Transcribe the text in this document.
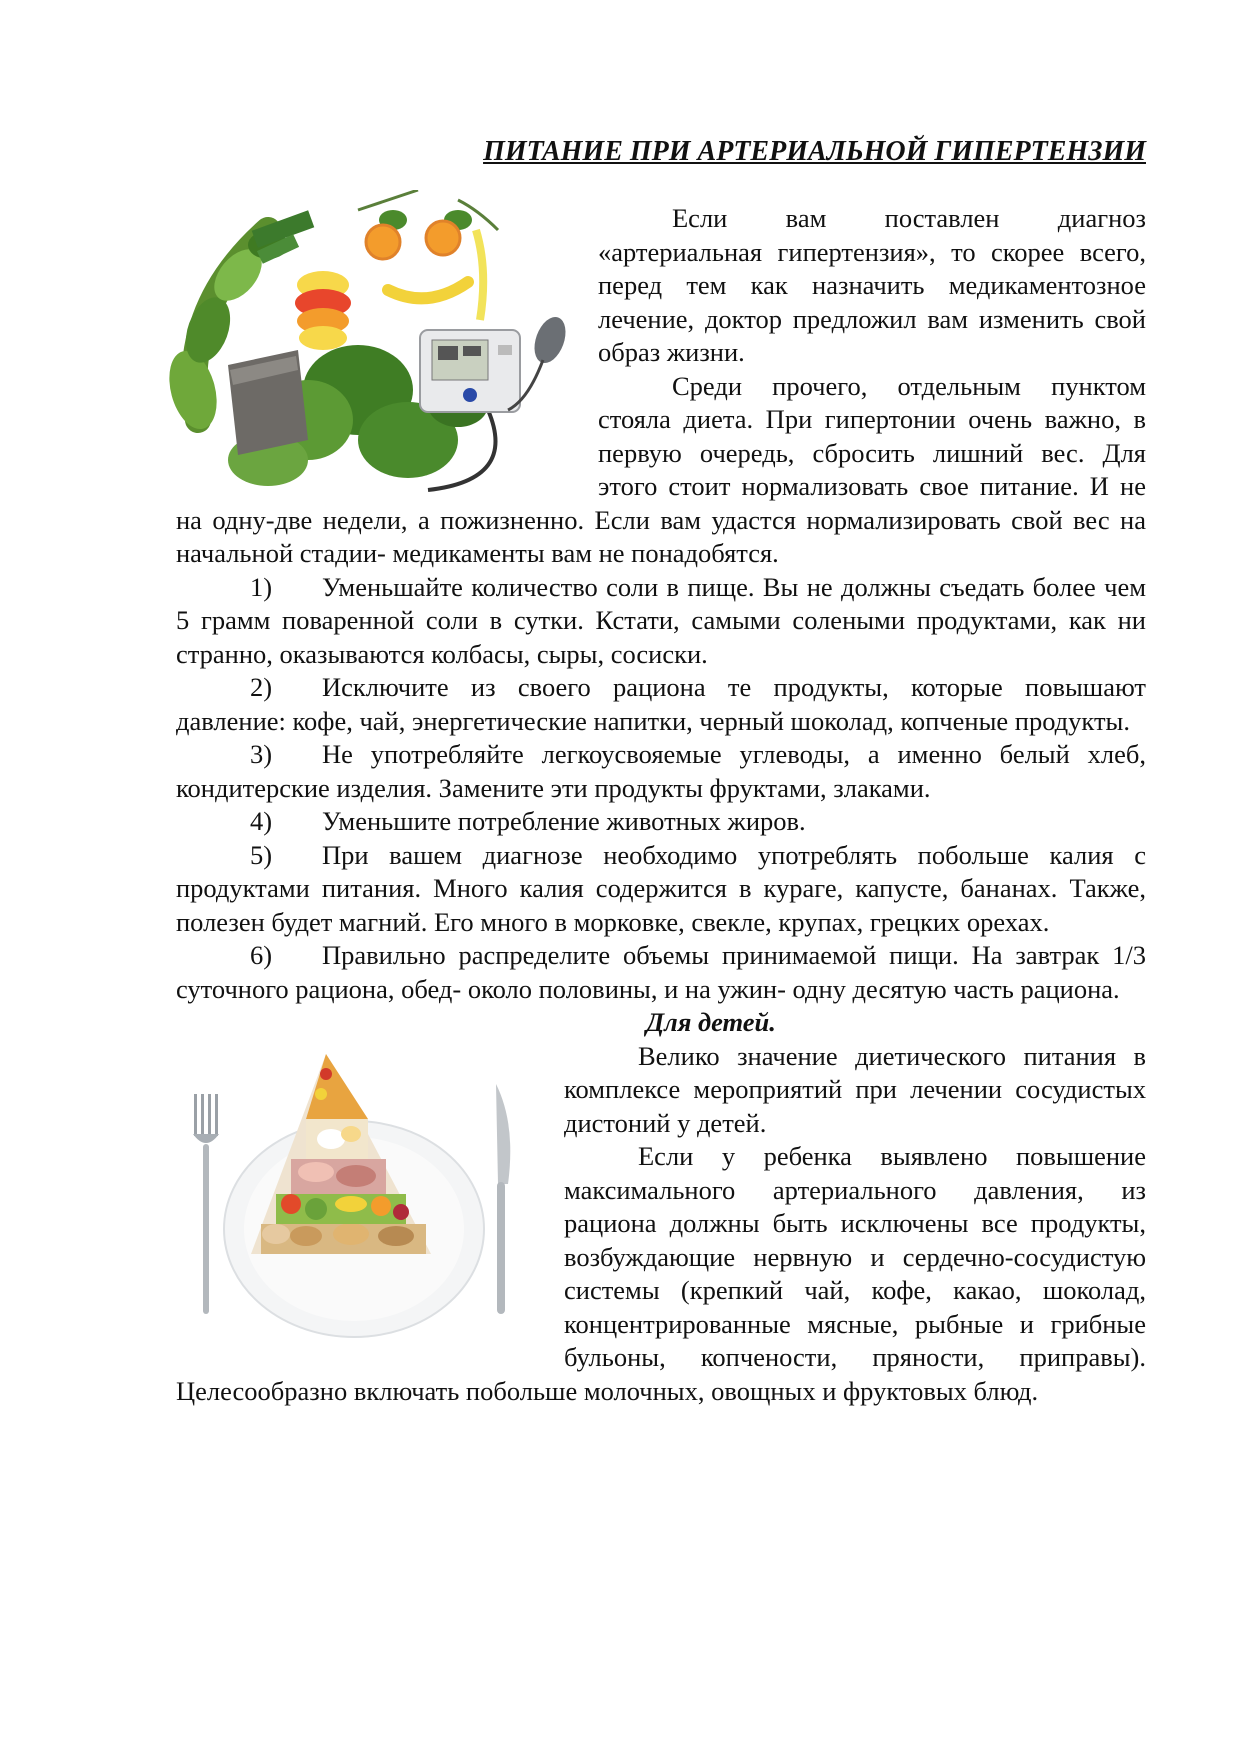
ПИТАНИЕ ПРИ АРТЕРИАЛЬНОЙ ГИПЕРТЕНЗИИ

Если вам поставлен диагноз «артериальная гипертензия», то скорее всего, перед тем как назначить медикаментозное лечение, доктор предложил вам изменить свой образ жизни.

Среди прочего, отдельным пунктом стояла диета. При гипертонии очень важно, в первую очередь, сбросить лишний вес. Для этого стоит нормализовать свое питание. И не на одну-две недели, а пожизненно. Если вам удастся нормализировать свой вес на начальной стадии- медикаменты вам не понадобятся.

1) Уменьшайте количество соли в пище. Вы не должны съедать более чем 5 грамм поваренной соли в сутки. Кстати, самыми солеными продуктами, как ни странно, оказываются колбасы, сыры, сосиски.

2) Исключите из своего рациона те продукты, которые повышают давление: кофе, чай, энергетические напитки, черный шоколад, копченые продукты.

3) Не употребляйте легкоусвояемые углеводы, а именно белый хлеб, кондитерские изделия. Замените эти продукты фруктами, злаками.

4) Уменьшите потребление животных жиров.

5) При вашем диагнозе необходимо употреблять побольше калия с продуктами питания. Много калия содержится в кураге, капусте, бананах. Также, полезен будет магний. Его много в морковке, свекле, крупах, грецких орехах.

6) Правильно распределите объемы принимаемой пищи. На завтрак 1/3 суточного рациона, обед- около половины, и на ужин- одну десятую часть рациона.

Для детей.

Велико значение диетического питания в комплексе мероприятий при лечении сосудистых дистоний у детей.

Если у ребенка выявлено повышение максимального артериального давления, из рациона должны быть исключены все продукты, возбуждающие нервную и сердечно-сосудистую системы (крепкий чай, кофе, какао, шоколад, концентрированные мясные, рыбные и грибные бульоны, копчености, пряности, приправы). Целесообразно включать побольше молочных, овощных и фруктовых блюд.
